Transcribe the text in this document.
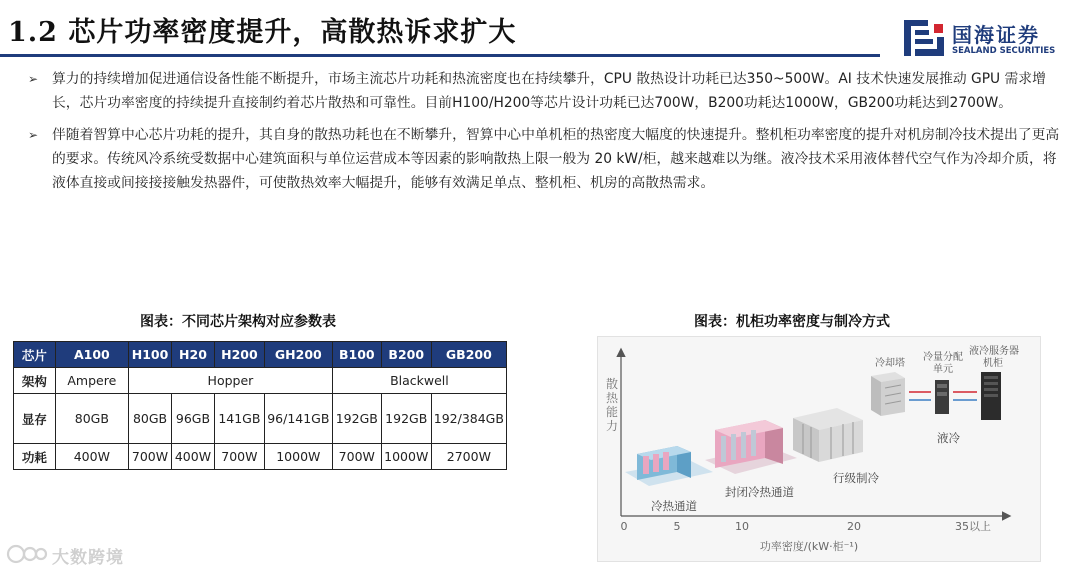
1.2 芯片功率密度提升，高散热诉求扩大	国海证券
SEALAND SECURITIES
➢ 算力的持续增加促进通信设备性能不断提升，市场主流芯片功耗和热流密度也在持续攀升，CPU 散热设计功耗已达350~500W。AI 技术快速发展推动 GPU 需求增长，芯片功率密度的持续提升直接制约着芯片散热和可靠性。目前H100/H200等芯片设计功耗已达700W，B200功耗达1000W，GB200功耗达到2700W。
➢ 伴随着智算中心芯片功耗的提升，其自身的散热功耗也在不断攀升，智算中心中单机柜的热密度大幅度的快速提升。整机柜功率密度的提升对机房制冷技术提出了更高的要求。传统风冷系统受数据中心建筑面积与单位运营成本等因素的影响散热上限一般为 20 kW/柜，越来越难以为继。液冷技术采用液体替代空气作为冷却介质，将液体直接或间接接接触发热器件，可使散热效率大幅提升，能够有效满足单点、整机柜、机房的高散热需求。
图表：不同芯片架构对应参数表
芯片	A100	H100	H20	H200	GH200	B100	B200	GB200
架构	Ampere	Hopper				Blackwell		
显存	80GB	80GB	96GB	141GB	96/141GB	192GB	192GB	192/384GB
功耗	400W	700W	400W	700W	1000W	700W	1000W	2700W
图表：机柜功率密度与制冷方式
散
热
能
力
0	5	10	20	35以上
功率密度/(kW·柜⁻¹)
冷热通道
封闭冷热通道
行级制冷
冷却塔
冷量分配
单元
液冷服务器
机柜
液冷
大数跨境
